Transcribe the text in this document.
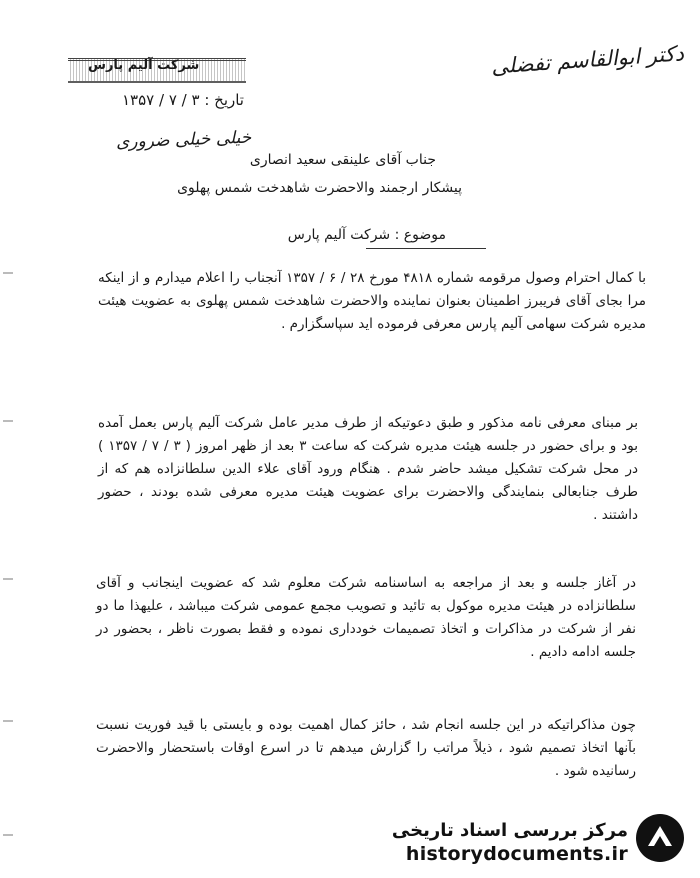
دکتر ابوالقاسم تفضلی
شرکت آلیم پارس
تاریخ : ۳ / ۷ / ۱۳۵۷
خیلی خیلی ضروری
جناب آقای علینقی سعید انصاری
پیشکار ارجمند والاحضرت شاهدخت شمس پهلوی
موضوع : شرکت آلیم پارس
با کمال احترام وصول مرقومه شماره ۴۸۱۸ مورخ ۲۸ / ۶ / ۱۳۵۷ آنجناب را اعلام میدارم و از اینکه مرا بجای آقای فریبرز اطمینان بعنوان نماینده والاحضرت شاهدخت شمس پهلوی به عضویت هیئت مدیره شرکت سهامی آلیم پارس معرفی فرموده اید سپاسگزارم .
بر مبنای معرفی نامه مذکور و طبق دعوتیکه از طرف مدیر عامل شرکت آلیم پارس بعمل آمده بود و برای حضور در جلسه هیئت مدیره شرکت که ساعت ۳ بعد از ظهر امروز ( ۳ / ۷ / ۱۳۵۷ ) در محل شرکت تشکیل میشد حاضر شدم . هنگام ورود آقای علاء الدین سلطانزاده هم که از طرف جنابعالی بنمایندگی والاحضرت برای عضویت هیئت مدیره معرفی شده بودند ، حضور داشتند .
در آغاز جلسه و بعد از مراجعه به اساسنامه شرکت معلوم شد که عضویت اینجانب و آقای سلطانزاده در هیئت مدیره موکول به تائید و تصویب مجمع عمومی شرکت میباشد ، علیهذا ما دو نفر از شرکت در مذاکرات و اتخاذ تصمیمات خودداری نموده و فقط بصورت ناظر ، بحضور در جلسه ادامه دادیم .
چون مذاکراتیکه در این جلسه انجام شد ، حائز کمال اهمیت بوده و بایستی با قید فوریت نسبت بآنها اتخاذ تصمیم شود ، ذیلاً مراتب را گزارش میدهم تا در اسرع اوقات باستحضار والاحضرت رسانیده شود .
مرکز بررسی اسناد تاریخی
historydocuments.ir
